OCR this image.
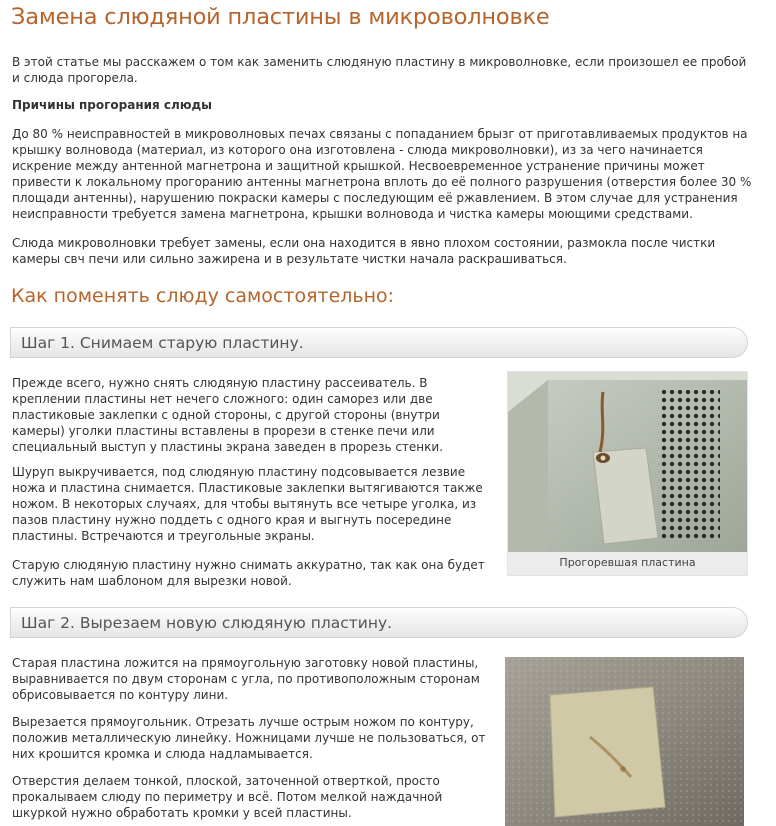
Замена слюдяной пластины в микроволновке

В этой статье мы расскажем о том как заменить слюдяную пластину в микроволновке, если произошел ее пробой и слюда прогорела.

Причины прогорания слюды

До 80 % неисправностей в микроволновых печах связаны с попаданием брызг от приготавливаемых продуктов на крышку волновода (материал, из которого она изготовлена - слюда микроволновки), из за чего начинается искрение между антенной магнетрона и защитной крышкой. Несвоевременное устранение причины может привести к локальному прогоранию антенны магнетрона вплоть до её полного разрушения (отверстия более 30 % площади антенны), нарушению покраски камеры с последующим её ржавлением. В этом случае для устранения неисправности требуется замена магнетрона, крышки волновода и чистка камеры моющими средствами.

Слюда микроволновки требует замены, если она находится в явно плохом состоянии, размокла после чистки камеры свч печи или сильно зажирена и в результате чистки начала раскрашиваться.

Как поменять слюду самостоятельно:
Шаг 1. Снимаем старую пластину.

Прежде всего, нужно снять слюдяную пластину рассеиватель. В креплении пластины нет нечего сложного: один саморез или две пластиковые заклепки с одной стороны, с другой стороны (внутри камеры) уголки пластины вставлены в прорези в стенке печи или специальный выступ у пластины экрана заведен в прорезь стенки.

Шуруп выкручивается, под слюдяную пластину подсовывается лезвие ножа и пластина снимается. Пластиковые заклепки вытягиваются также ножом. В некоторых случаях, для чтобы вытянуть все четыре уголка, из пазов пластину нужно поддеть с одного края и выгнуть посередине пластины. Встречаются и треугольные экраны.

Старую слюдяную пластину нужно снимать аккуратно, так как она будет служить нам шаблоном для вырезки новой.

Прогоревшая пластина
Шаг 2. Вырезаем новую слюдяную пластину.

Старая пластина ложится на прямоугольную заготовку новой пластины, выравнивается по двум сторонам с угла, по противоположным сторонам обрисовывается по контуру лини.

Вырезается прямоугольник. Отрезать лучше острым ножом по контуру, положив металлическую линейку. Ножницами лучше не пользоваться, от них крошится кромка и слюда надламывается.

Отверстия делаем тонкой, плоской, заточенной отверткой, просто прокалываем слюду по периметру и всё. Потом мелкой наждачной шкуркой нужно обработать кромки у всей пластины.
